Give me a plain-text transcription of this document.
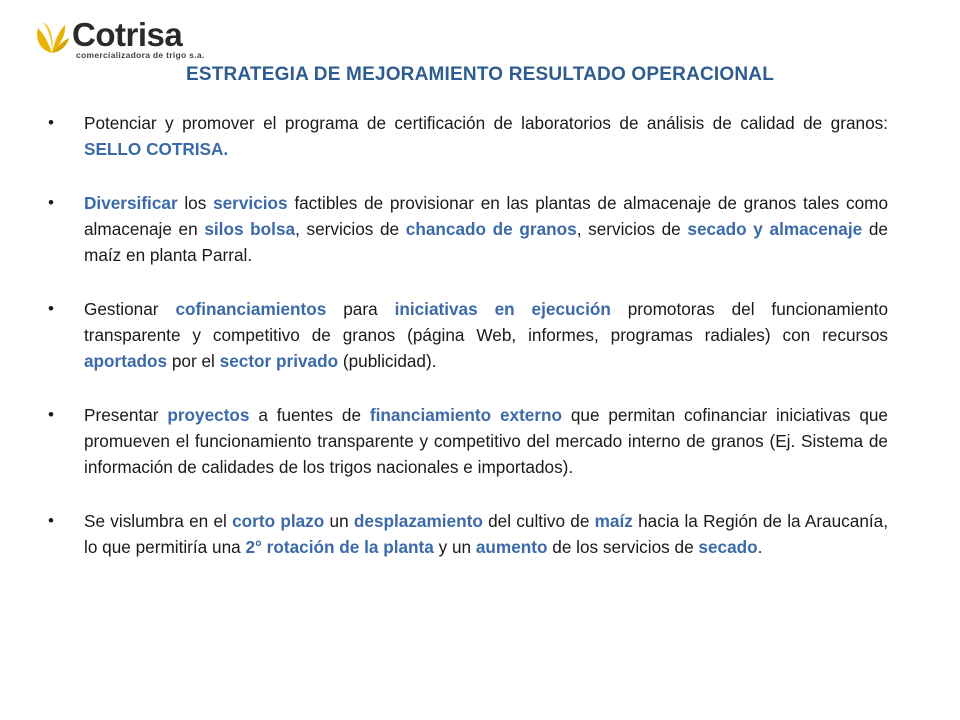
Cotrisa
comercializadora de trigo s.a.
ESTRATEGIA DE MEJORAMIENTO RESULTADO OPERACIONAL
• Potenciar y promover el programa de certificación de laboratorios de análisis de calidad de granos: SELLO COTRISA.
• Diversificar los servicios factibles de provisionar en las plantas de almacenaje de granos tales como almacenaje en silos bolsa, servicios de chancado de granos, servicios de secado y almacenaje de maíz en planta Parral.
• Gestionar cofinanciamientos para iniciativas en ejecución promotoras del funcionamiento transparente y competitivo de granos (página Web, informes, programas radiales) con recursos aportados por el sector privado (publicidad).
• Presentar proyectos a fuentes de financiamiento externo que permitan cofinanciar iniciativas que promueven el funcionamiento transparente y competitivo del mercado interno de granos (Ej. Sistema de información de calidades de los trigos nacionales e importados).
• Se vislumbra en el corto plazo un desplazamiento del cultivo de maíz hacia la Región de la Araucanía, lo que permitiría una 2° rotación de la planta y un aumento de los servicios de secado.
